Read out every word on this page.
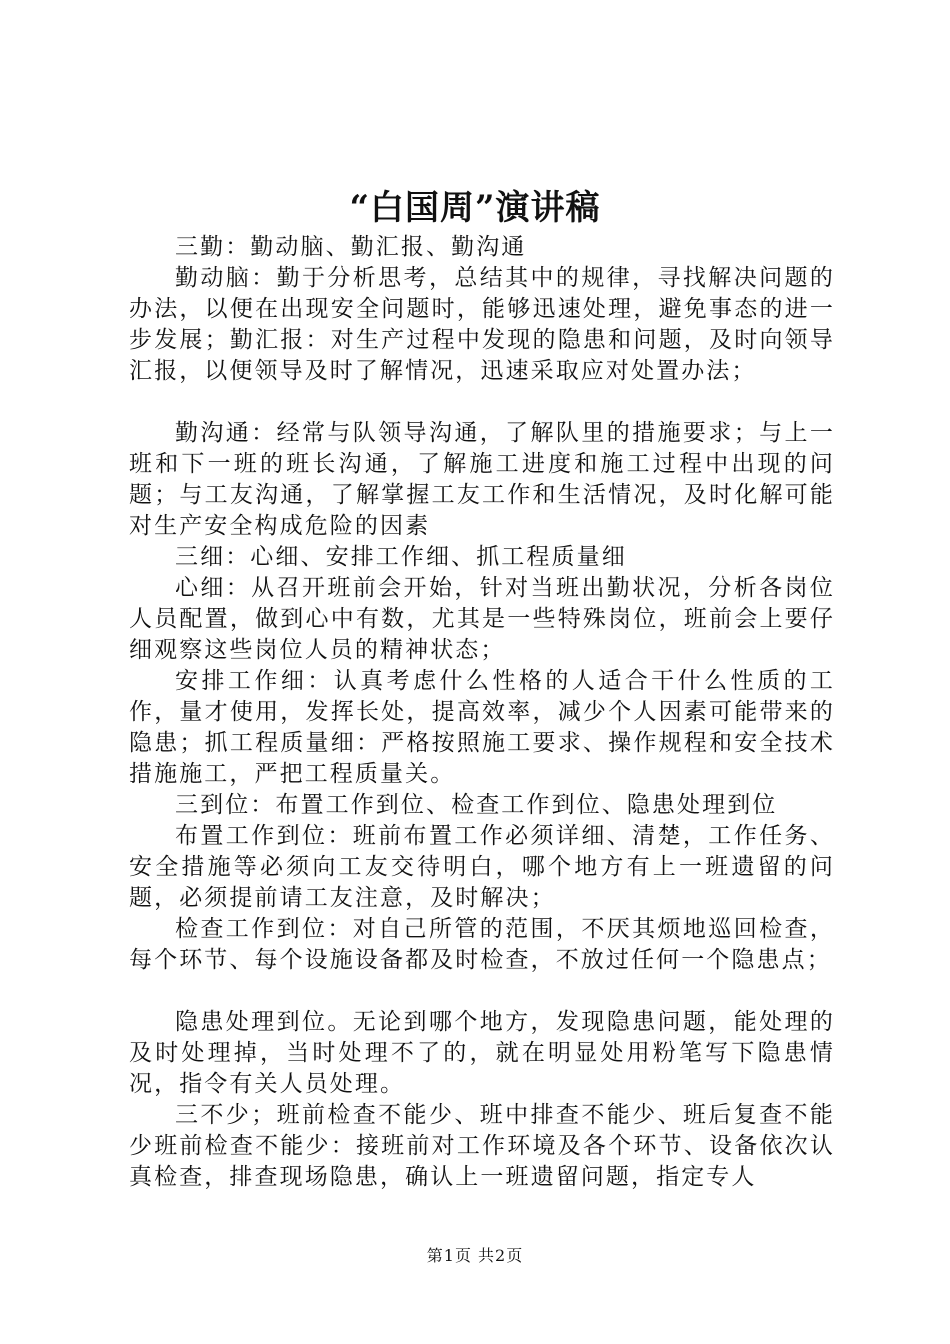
“白国周”演讲稿

三勤：勤动脑、勤汇报、勤沟通

勤动脑：勤于分析思考，总结其中的规律，寻找解决问题的办法，以便在出现安全问题时，能够迅速处理，避免事态的进一步发展；勤汇报：对生产过程中发现的隐患和问题，及时向领导汇报，以便领导及时了解情况，迅速采取应对处置办法；

勤沟通：经常与队领导沟通，了解队里的措施要求；与上一班和下一班的班长沟通，了解施工进度和施工过程中出现的问题；与工友沟通，了解掌握工友工作和生活情况，及时化解可能对生产安全构成危险的因素

三细：心细、安排工作细、抓工程质量细

心细：从召开班前会开始，针对当班出勤状况，分析各岗位人员配置，做到心中有数，尤其是一些特殊岗位，班前会上要仔细观察这些岗位人员的精神状态；

安排工作细：认真考虑什么性格的人适合干什么性质的工作，量才使用，发挥长处，提高效率，减少个人因素可能带来的隐患；抓工程质量细：严格按照施工要求、操作规程和安全技术措施施工，严把工程质量关。

三到位：布置工作到位、检查工作到位、隐患处理到位

布置工作到位：班前布置工作必须详细、清楚，工作任务、安全措施等必须向工友交待明白，哪个地方有上一班遗留的问题，必须提前请工友注意，及时解决；

检查工作到位：对自己所管的范围，不厌其烦地巡回检查，每个环节、每个设施设备都及时检查，不放过任何一个隐患点；

隐患处理到位。无论到哪个地方，发现隐患问题，能处理的及时处理掉，当时处理不了的，就在明显处用粉笔写下隐患情况，指令有关人员处理。

三不少；班前检查不能少、班中排查不能少、班后复查不能少班前检查不能少：接班前对工作环境及各个环节、设备依次认真检查，排查现场隐患，确认上一班遗留问题，指定专人

第1页 共2页
